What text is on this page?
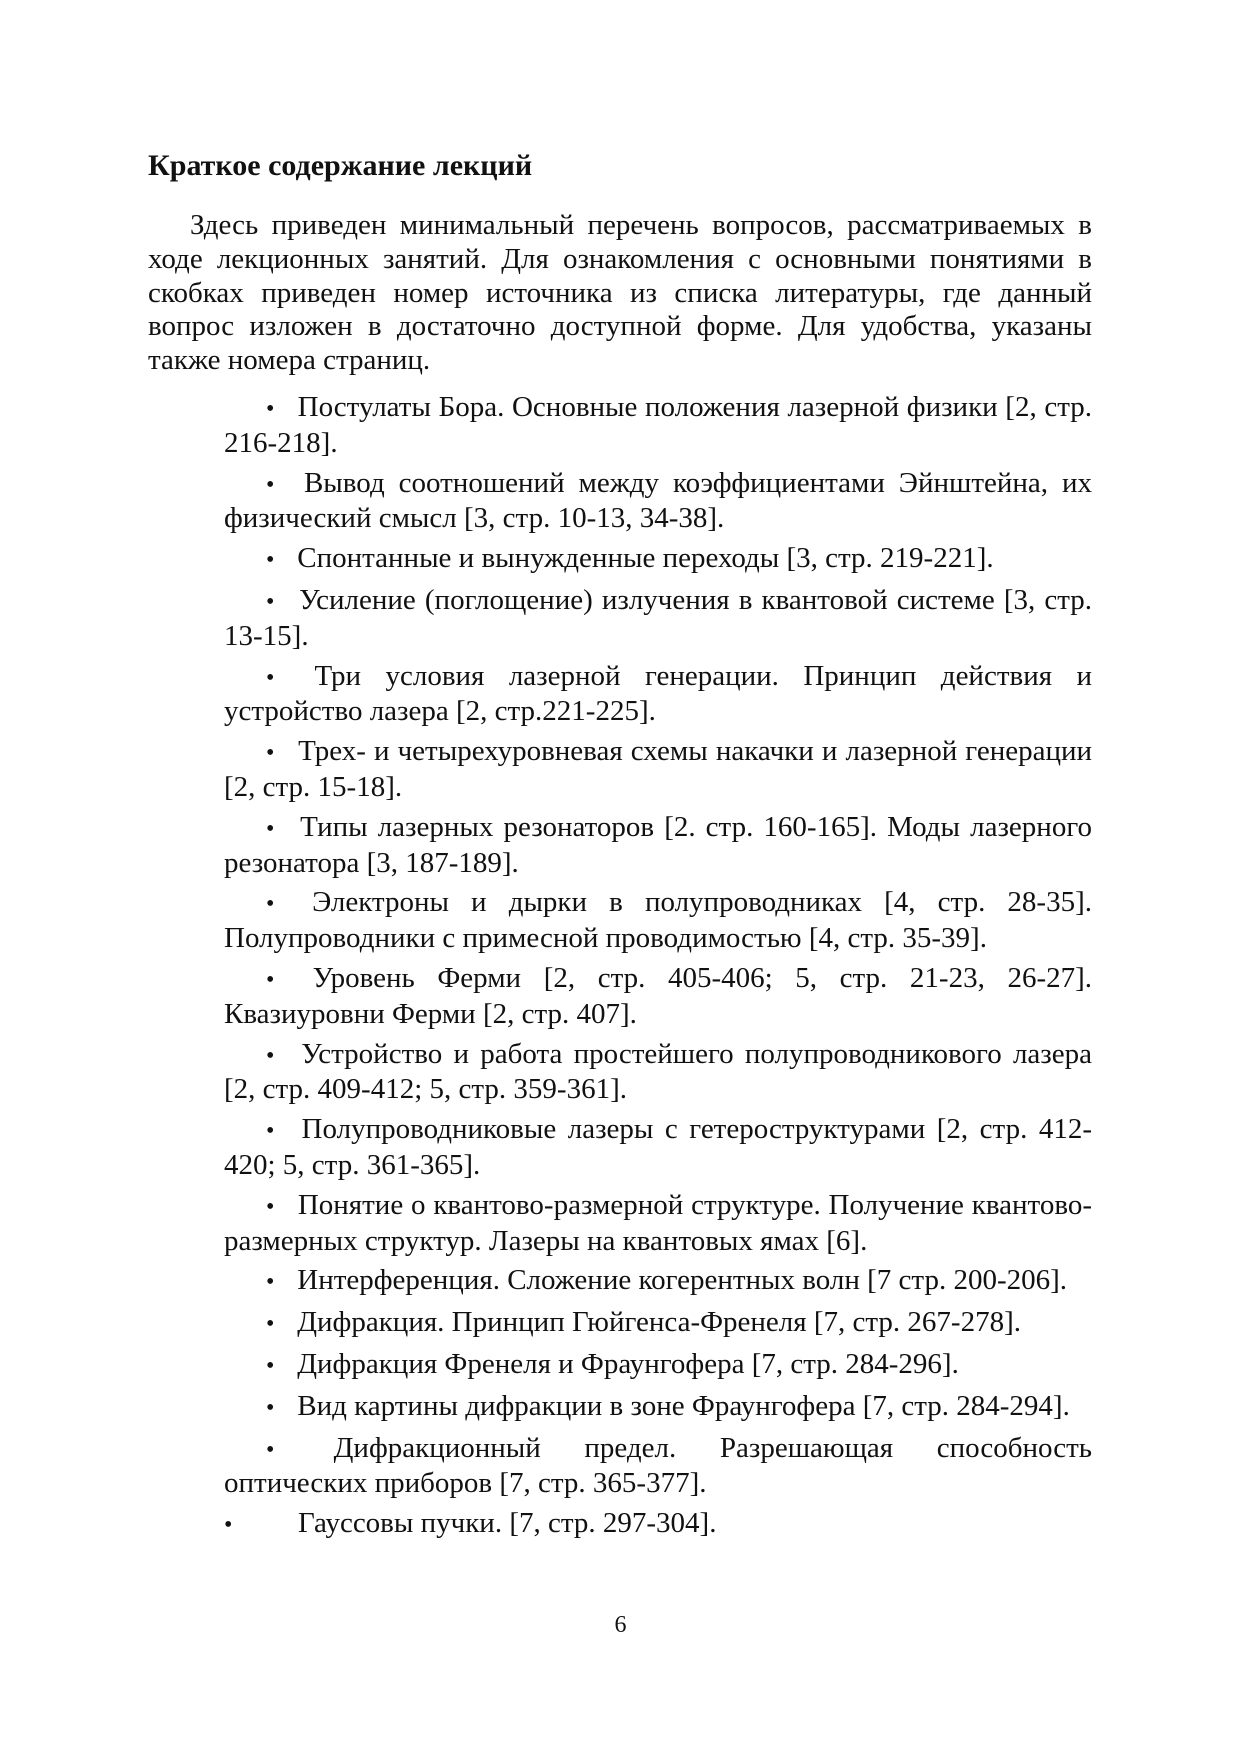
Краткое содержание лекций

Здесь приведен минимальный перечень вопросов, рассматриваемых в ходе лекционных занятий. Для ознакомления с основными понятиями в скобках приведен номер источника из списка литературы, где данный вопрос изложен в достаточно доступной форме. Для удобства, указаны также номера страниц.

• Постулаты Бора. Основные положения лазерной физики [2, стр. 216-218].
• Вывод соотношений между коэффициентами Эйнштейна, их физический смысл [3, стр. 10-13, 34-38].
• Спонтанные и вынужденные переходы [3, стр. 219-221].
• Усиление (поглощение) излучения в квантовой системе [3, стр. 13-15].
• Три условия лазерной генерации. Принцип действия и устройство лазера [2, стр.221-225].
• Трех- и четырехуровневая схемы накачки и лазерной генерации [2, стр. 15-18].
• Типы лазерных резонаторов [2. стр. 160-165]. Моды лазерного резонатора [3, 187-189].
• Электроны и дырки в полупроводниках [4, стр. 28-35]. Полупроводники с примесной проводимостью [4, стр. 35-39].
• Уровень Ферми [2, стр. 405-406; 5, стр. 21-23, 26-27]. Квазиуровни Ферми [2, стр. 407].
• Устройство и работа простейшего полупроводникового лазера [2, стр. 409-412; 5, стр. 359-361].
• Полупроводниковые лазеры с гетероструктурами [2, стр. 412-420; 5, стр. 361-365].
• Понятие о квантово-размерной структуре. Получение квантово-размерных структур. Лазеры на квантовых ямах [6].
• Интерференция. Сложение когерентных волн [7 стр. 200-206].
• Дифракция. Принцип Гюйгенса-Френеля [7, стр. 267-278].
• Дифракция Френеля и Фраунгофера [7, стр. 284-296].
• Вид картины дифракции в зоне Фраунгофера [7, стр. 284-294].
• Дифракционный предел. Разрешающая способность оптических приборов [7, стр. 365-377].
• Гауссовы пучки. [7, стр. 297-304].
6
